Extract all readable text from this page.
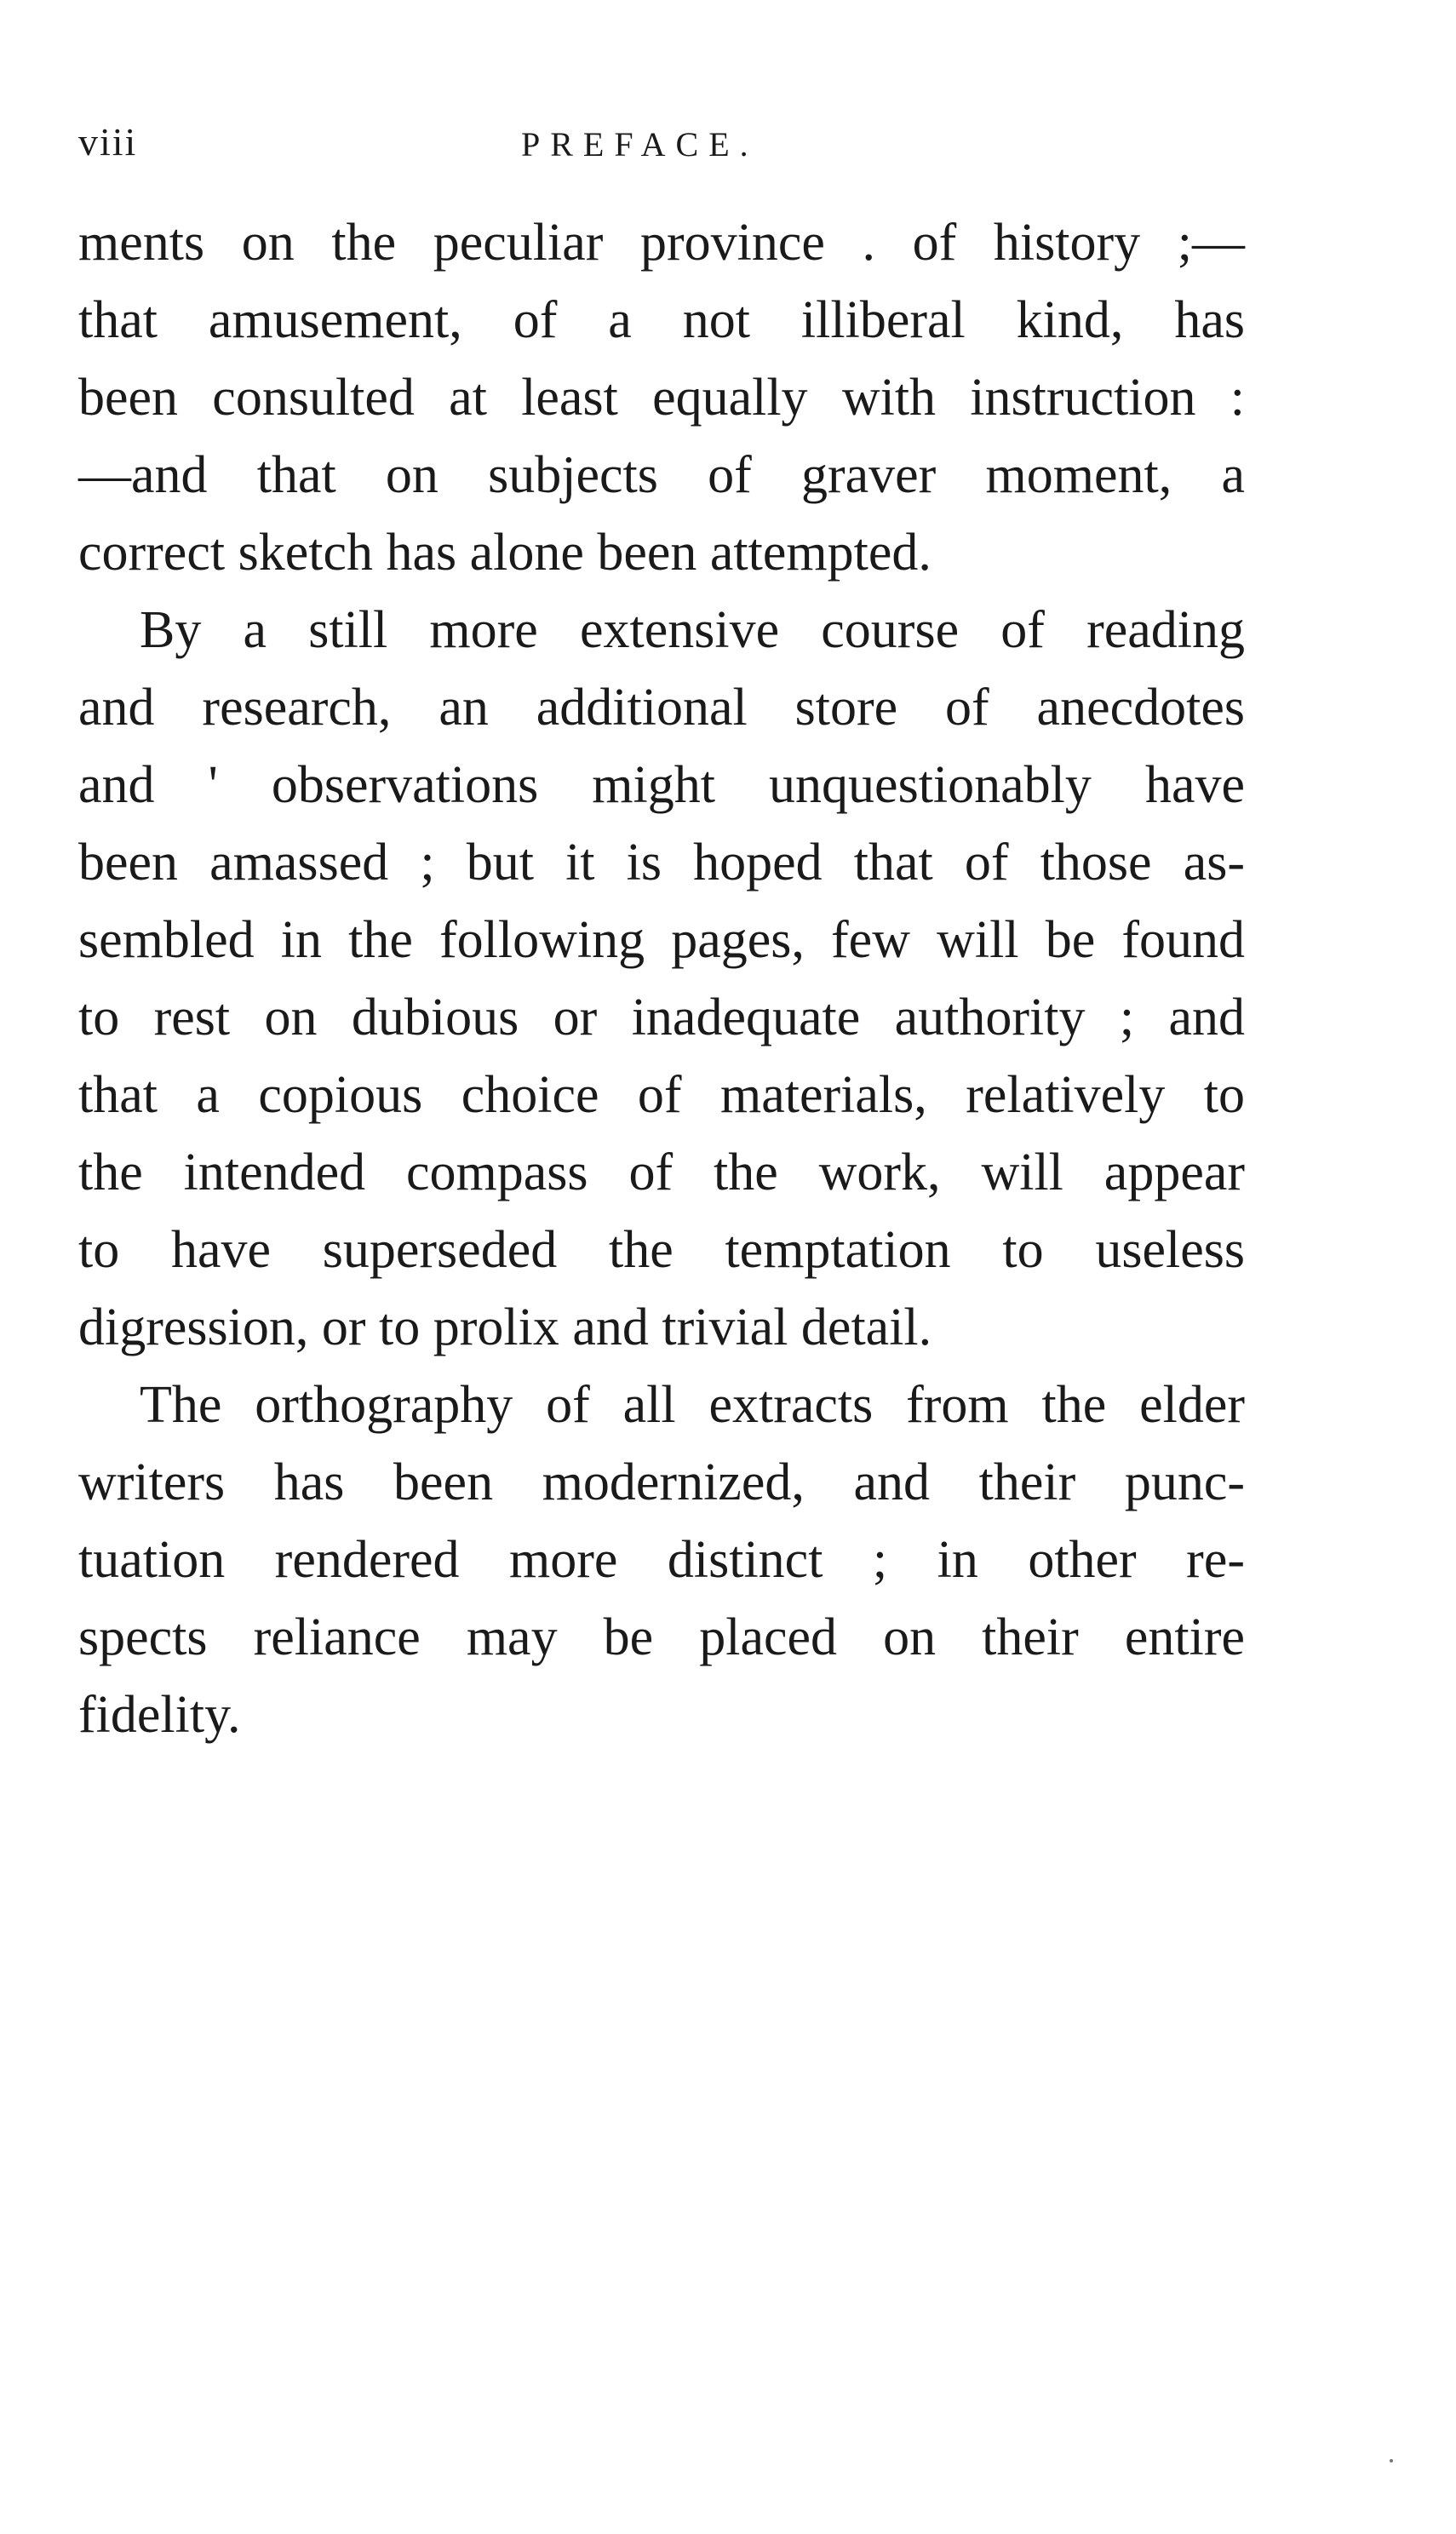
viii	PREFACE.
ments on the peculiar province . of history ;—
that amusement, of a not illiberal kind, has
been consulted at least equally with instruction :
—and that on subjects of graver moment, a
correct sketch has alone been attempted.
By a still more extensive course of reading
and research, an additional store of anecdotes
and ' observations might unquestionably have
been amassed ; but it is hoped that of those as-
sembled in the following pages, few will be found
to rest on dubious or inadequate authority ; and
that a copious choice of materials, relatively to
the intended compass of the work, will appear
to have superseded the temptation to useless
digression, or to prolix and trivial detail.
The orthography of all extracts from the elder
writers has been modernized, and their punc-
tuation rendered more distinct ; in other re-
spects reliance may be placed on their entire
fidelity.
